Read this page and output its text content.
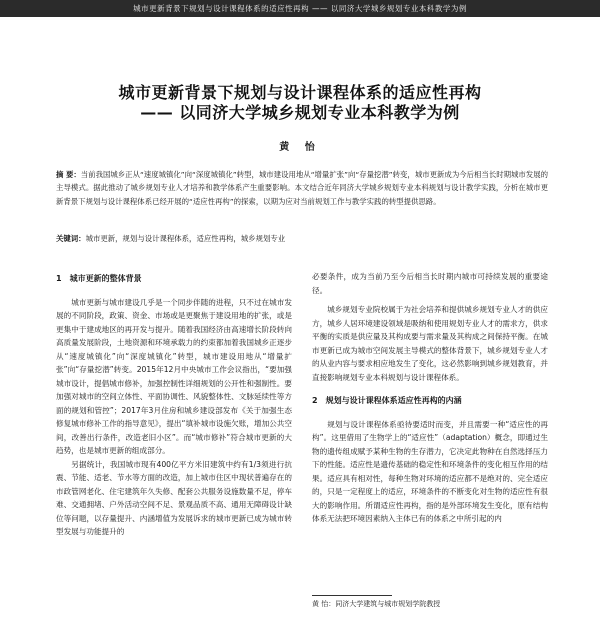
城市更新背景下规划与设计课程体系的适应性再构 —— 以同济大学城乡规划专业本科教学为例
城市更新背景下规划与设计课程体系的适应性再构
—— 以同济大学城乡规划专业本科教学为例
黄 怡
摘 要：当前我国城乡正从“速度城镇化”向“深度城镇化”转型，城市建设用地从“增量扩张”向“存量挖潜”转变，城市更新成为今后相当长时期城市发展的主导模式。据此推动了城乡规划专业人才培养和教学体系产生重要影响。本文结合近年同济大学城乡规划专业本科规划与设计教学实践，分析在城市更新背景下规划与设计课程体系已经开展的“适应性再构”的探索，以期为应对当前规划工作与教学实践的转型提供思路。
关键词：城市更新，规划与设计课程体系，适应性再构，城乡规划专业
1　城市更新的整体背景

城市更新与城市建设几乎是一个同步伴随的进程，只不过在城市发展的不同阶段，政策、资金、市场或是更聚焦于建设用地的扩张，或是更集中于建成地区的再开发与提升。随着我国经济由高速增长阶段转向高质量发展阶段，土地资源和环境承载力的约束都加着我国城乡正逐步从“速度城镇化”向“深度城镇化”转型，城市建设用地从“增量扩张”向“存量挖潜”转变。2015年12月中央城市工作会议指出，“要加强城市设计，提倡城市修补，加强控制性详细规划的公开性和强制性。要加强对城市的空间立体性、平面协调性、风貌整体性、文脉延续性等方面的规划和管控”；2017年3月住房和城乡建设部发布《关于加强生态修复城市修补工作的指导意见》，提出“填补城市设施欠账，增加公共空间，改善出行条件，改造老旧小区”。而“城市修补”符合城市更新的大趋势，也是城市更新的组成部分。

另据统计，我国城市现有400亿平方米旧建筑中约有1/3须进行抗震、节能、适老、节水等方面的改造，加上城市住区中现状普遍存在的市政管网老化、住宅建筑年久失修、配套公共服务设施数量不足，停车难、交通拥堵、户外活动空间不足、景观品质不高、通用无障碍设计缺位等问题，以存量提升、内涵增值为发展诉求的城市更新已成为城市转型发展与功能提升的

必要条件，成为当前乃至今后相当长时期内城市可持续发展的重要途径。

城乡规划专业院校属于为社会培养和提供城乡规划专业人才的供应方，城乡人居环境建设领域是吸纳和使用规划专业人才的需求方，供求平衡的实质是供应量及其构成要与需求量及其构成之间保持平衡。在城市更新已成为城市空间发展主导模式的整体背景下，城乡规划专业人才的从业内容与要求相应地发生了变化，这必然影响到城乡规划教育，并直接影响规划专业本科规划与设计课程体系。

2　规划与设计课程体系适应性再构的内涵

规划与设计课程体系亟待要适时而变，并且需要一种“适应性的再构”。这里借用了生物学上的“适应性”（adaptation）概念，即通过生物的遗传组成赋予某种生物的生存潜力，它决定此物种在自然选择压力下的性能。适应性是遗传基础的稳定性和环境条件的变化相互作用的结果。适应具有相对性，每种生物对环境的适应都不是绝对的、完全适应的，只是一定程度上的适应，环境条件的不断变化对生物的适应性有很大的影响作用。所谓适应性再构，指的是外部环境发生变化，原有结构体系无法把环境因素纳入主体已有的体系之中所引起的内

黄 怡：同济大学建筑与城市规划学院教授
